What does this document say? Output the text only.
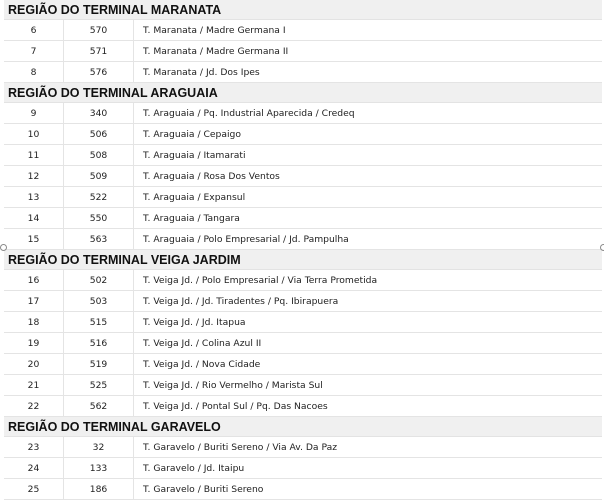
REGIÃO DO TERMINAL MARANATA
6	570	T. Maranata / Madre Germana I
7	571	T. Maranata / Madre Germana II
8	576	T. Maranata / Jd. Dos Ipes
REGIÃO DO TERMINAL ARAGUAIA
9	340	T. Araguaia / Pq. Industrial Aparecida / Credeq
10	506	T. Araguaia / Cepaigo
11	508	T. Araguaia / Itamarati
12	509	T. Araguaia / Rosa Dos Ventos
13	522	T. Araguaia / Expansul
14	550	T. Araguaia / Tangara
15	563	T. Araguaia / Polo Empresarial / Jd. Pampulha
REGIÃO DO TERMINAL VEIGA JARDIM
16	502	T. Veiga Jd. / Polo Empresarial / Via Terra Prometida
17	503	T. Veiga Jd. / Jd. Tiradentes / Pq. Ibirapuera
18	515	T. Veiga Jd. / Jd. Itapua
19	516	T. Veiga Jd. / Colina Azul II
20	519	T. Veiga Jd. / Nova Cidade
21	525	T. Veiga Jd. / Rio Vermelho / Marista Sul
22	562	T. Veiga Jd. / Pontal Sul / Pq. Das Nacoes
REGIÃO DO TERMINAL GARAVELO
23	32	T. Garavelo / Buriti Sereno / Via Av. Da Paz
24	133	T. Garavelo / Jd. Itaipu
25	186	T. Garavelo / Buriti Sereno
